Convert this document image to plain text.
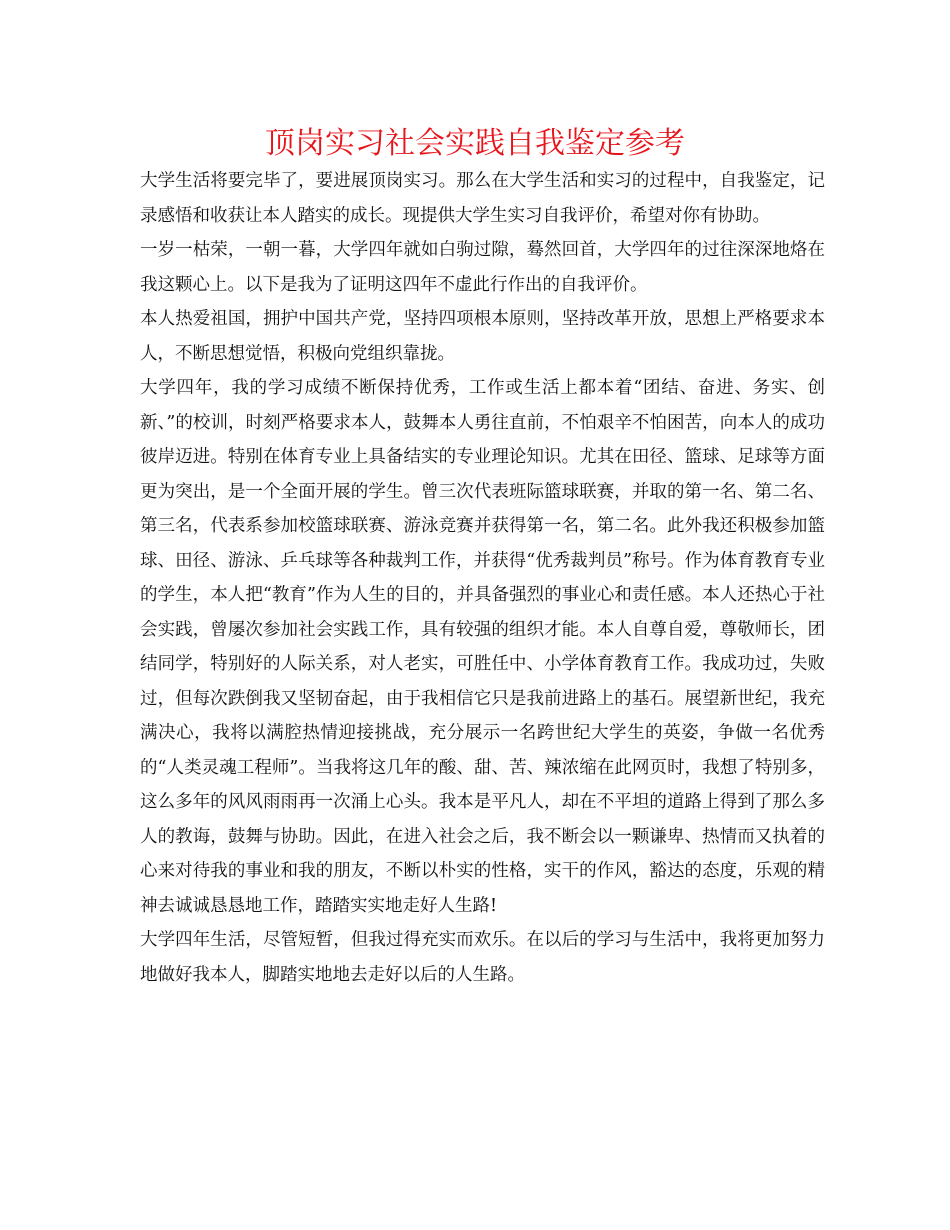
顶岗实习社会实践自我鉴定参考

大学生活将要完毕了，要进展顶岗实习。那么在大学生活和实习的过程中，自我鉴定，记录感悟和收获让本人踏实的成长。现提供大学生实习自我评价，希望对你有协助。

一岁一枯荣，一朝一暮，大学四年就如白驹过隙，蓦然回首，大学四年的过往深深地烙在我这颗心上。以下是我为了证明这四年不虚此行作出的自我评价。

本人热爱祖国，拥护中国共产党，坚持四项根本原则，坚持改革开放，思想上严格要求本人，不断思想觉悟，积极向党组织靠拢。

大学四年，我的学习成绩不断保持优秀，工作或生活上都本着“团结、奋进、务实、创新、”的校训，时刻严格要求本人，鼓舞本人勇往直前，不怕艰辛不怕困苦，向本人的成功彼岸迈进。特别在体育专业上具备结实的专业理论知识。尤其在田径、篮球、足球等方面更为突出，是一个全面开展的学生。曾三次代表班际篮球联赛，并取的第一名、第二名、第三名，代表系参加校篮球联赛、游泳竞赛并获得第一名，第二名。此外我还积极参加篮球、田径、游泳、乒乓球等各种裁判工作，并获得“优秀裁判员”称号。作为体育教育专业的学生，本人把“教育”作为人生的目的，并具备强烈的事业心和责任感。本人还热心于社会实践，曾屡次参加社会实践工作，具有较强的组织才能。本人自尊自爱，尊敬师长，团结同学，特别好的人际关系，对人老实，可胜任中、小学体育教育工作。我成功过，失败过，但每次跌倒我又坚韧奋起，由于我相信它只是我前进路上的基石。展望新世纪，我充满决心，我将以满腔热情迎接挑战，充分展示一名跨世纪大学生的英姿，争做一名优秀的“人类灵魂工程师”。当我将这几年的酸、甜、苦、辣浓缩在此网页时，我想了特别多，这么多年的风风雨雨再一次涌上心头。我本是平凡人，却在不平坦的道路上得到了那么多人的教诲，鼓舞与协助。因此，在进入社会之后，我不断会以一颗谦卑、热情而又执着的心来对待我的事业和我的朋友，不断以朴实的性格，实干的作风，豁达的态度，乐观的精神去诚诚恳恳地工作，踏踏实实地走好人生路!

大学四年生活，尽管短暂，但我过得充实而欢乐。在以后的学习与生活中，我将更加努力地做好我本人，脚踏实地地去走好以后的人生路。
